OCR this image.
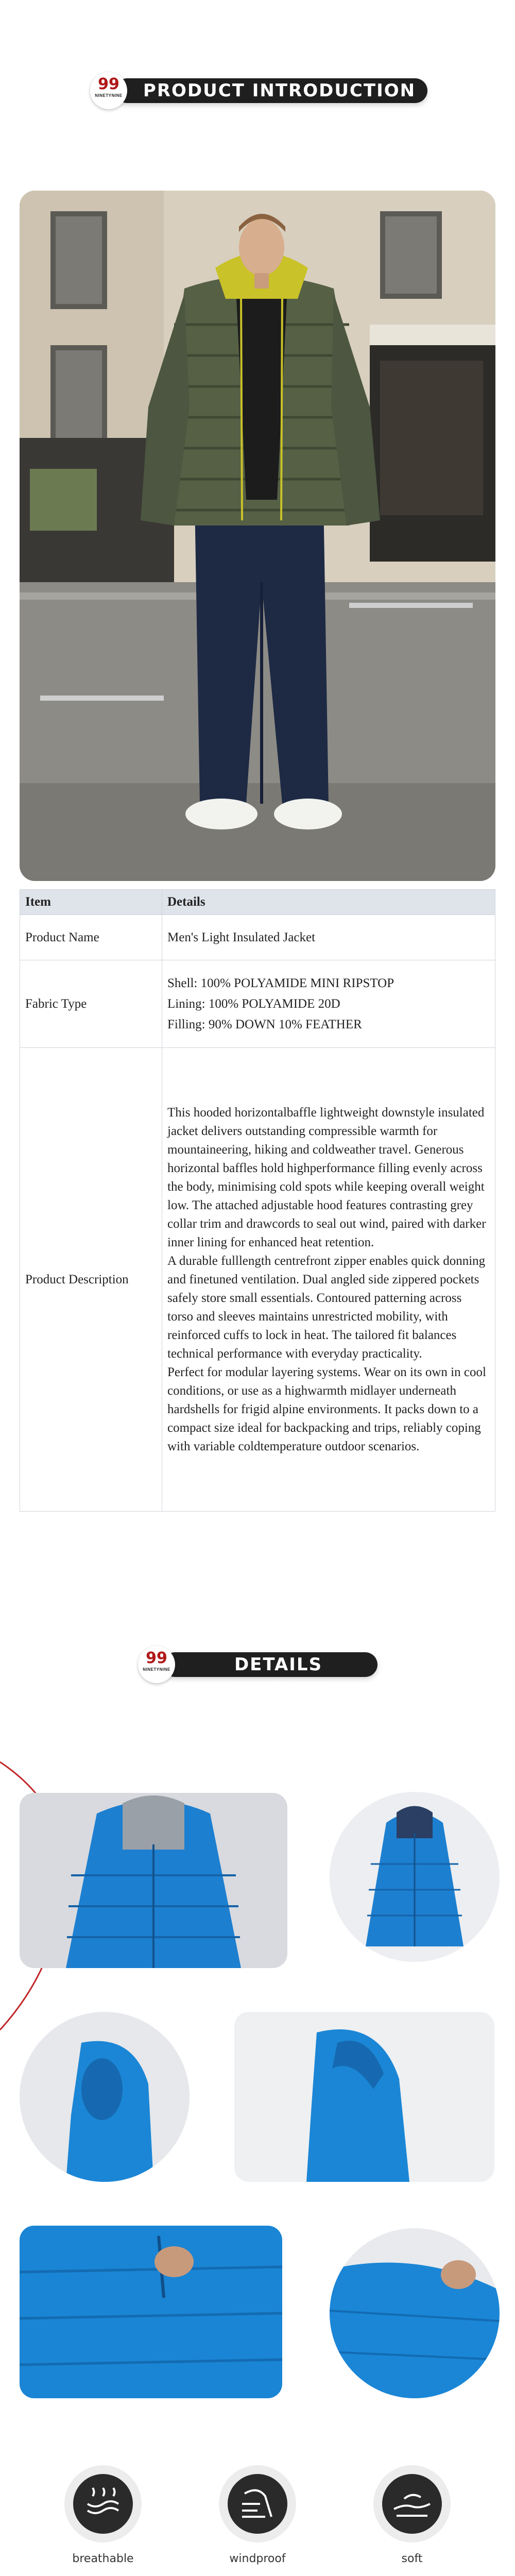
PRODUCT INTRODUCTION
99
NINETYNINE
Item	Details
Product Name	Men's Light Insulated Jacket
Fabric Type	Shell: 100% POLYAMIDE MINI RIPSTOP
Lining: 100% POLYAMIDE 20D
Filling: 90% DOWN 10% FEATHER

Product Description	This hooded horizontalbaffle lightweight downstyle insulated jacket delivers outstanding compressible warmth for mountaineering, hiking and coldweather travel. Generous horizontal baffles hold highperformance filling evenly across the body, minimising cold spots while keeping overall weight low. The attached adjustable hood features contrasting grey collar trim and drawcords to seal out wind, paired with darker inner lining for enhanced heat retention.
A durable fulllength centrefront zipper enables quick donning and finetuned ventilation. Dual angled side zippered pockets safely store small essentials. Contoured patterning across torso and sleeves maintains unrestricted mobility, with reinforced cuffs to lock in heat. The tailored fit balances technical performance with everyday practicality.
Perfect for modular layering systems. Wear on its own in cool conditions, or use as a highwarmth midlayer underneath hardshells for frigid alpine environments. It packs down to a compact size ideal for backpacking and trips, reliably coping with variable coldtemperature outdoor scenarios.
DETAILS DISPLAY
99
NINETYNINE
breathable	windproof	soft
